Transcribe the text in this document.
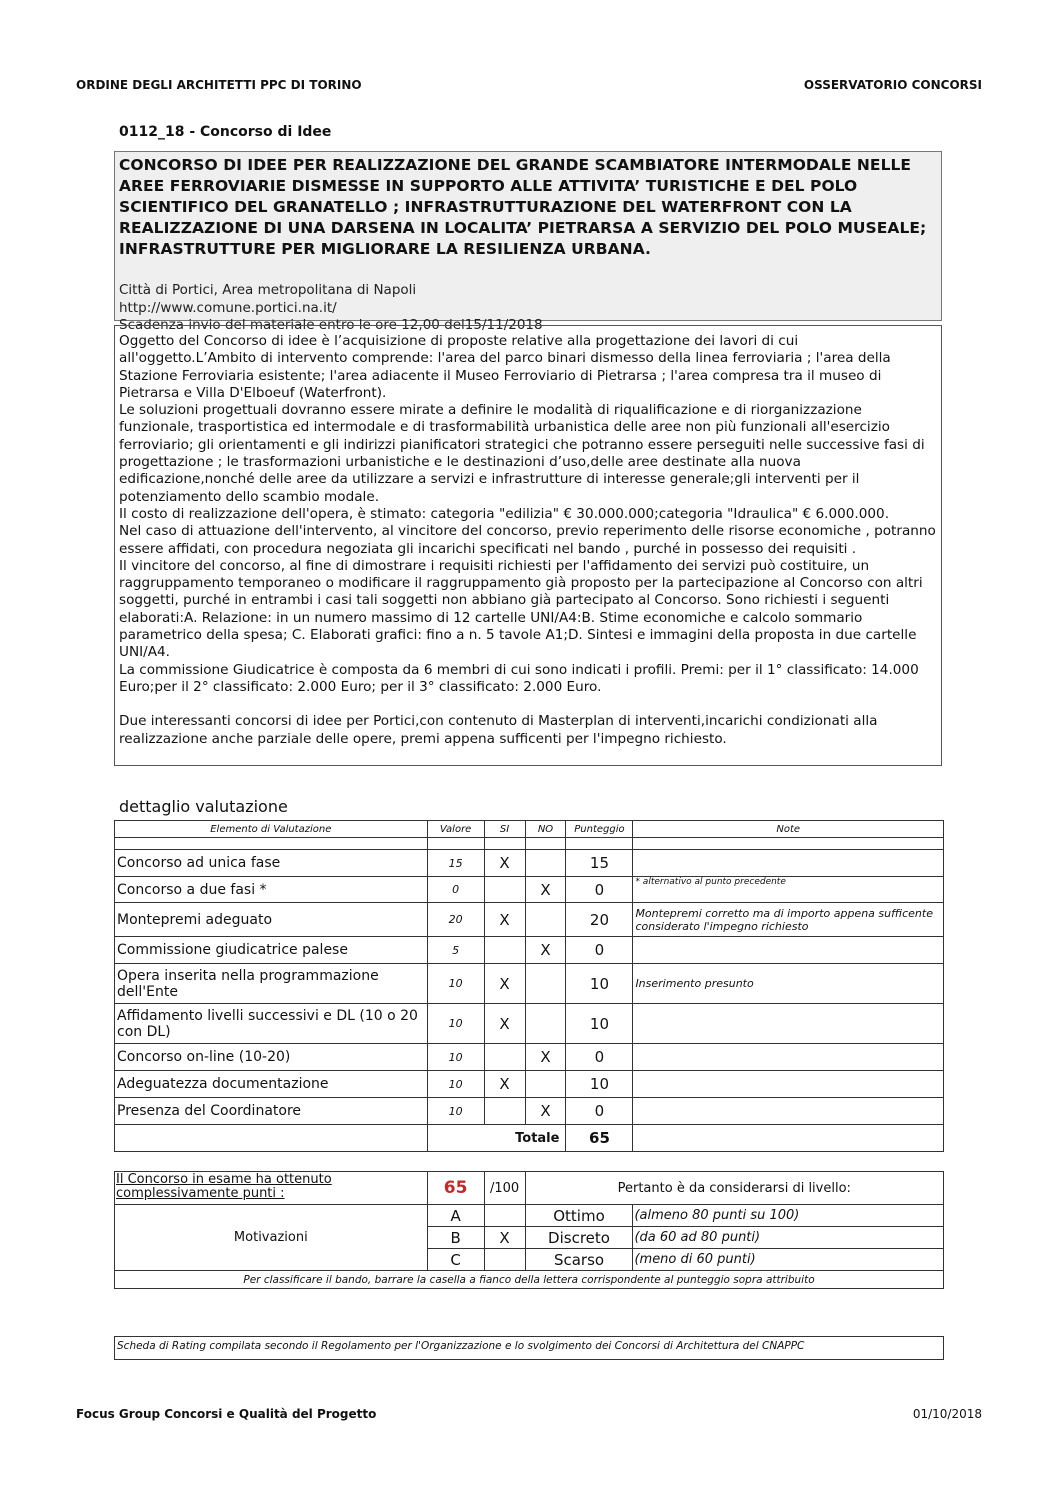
ORDINE DEGLI ARCHITETTI PPC DI TORINO	OSSERVATORIO CONCORSI
0112_18 - Concorso di Idee
CONCORSO DI IDEE PER REALIZZAZIONE DEL GRANDE SCAMBIATORE INTERMODALE NELLE AREE FERROVIARIE DISMESSE IN SUPPORTO ALLE ATTIVITA’ TURISTICHE E DEL POLO SCIENTIFICO DEL GRANATELLO ; INFRASTRUTTURAZIONE DEL WATERFRONT CON LA REALIZZAZIONE DI UNA DARSENA IN LOCALITA’ PIETRARSA A SERVIZIO DEL POLO MUSEALE; INFRASTRUTTURE PER MIGLIORARE LA RESILIENZA URBANA.
Città di Portici, Area metropolitana di Napoli
http://www.comune.portici.na.it/
Scadenza invio del materiale entro le ore 12,00 del15/11/2018

Oggetto del Concorso di idee è l’acquisizione di proposte relative alla progettazione dei lavori di cui all'oggetto.L’Ambito di intervento comprende: l'area del parco binari dismesso della linea ferroviaria ; l'area della Stazione Ferroviaria esistente; l'area adiacente il Museo Ferroviario di Pietrarsa ; l'area compresa tra il museo di Pietrarsa e Villa D'Elboeuf (Waterfront).

Le soluzioni progettuali dovranno essere mirate a definire le modalità di riqualificazione e di riorganizzazione funzionale, trasportistica ed intermodale e di trasformabilità urbanistica delle aree non più funzionali all'esercizio ferroviario; gli orientamenti e gli indirizzi pianificatori strategici che potranno essere perseguiti nelle successive fasi di progettazione ; le trasformazioni urbanistiche e le destinazioni d’uso,delle aree destinate alla nuova edificazione,nonché delle aree da utilizzare a servizi e infrastrutture di interesse generale;gli interventi per il potenziamento dello scambio modale.

Il costo di realizzazione dell'opera, è stimato: categoria "edilizia" € 30.000.000;categoria "Idraulica" € 6.000.000.

Nel caso di attuazione dell'intervento, al vincitore del concorso, previo reperimento delle risorse economiche , potranno essere affidati, con procedura negoziata gli incarichi specificati nel bando , purché in possesso dei requisiti .

Il vincitore del concorso, al fine di dimostrare i requisiti richiesti per l'affidamento dei servizi può costituire, un raggruppamento temporaneo o modificare il raggruppamento già proposto per la partecipazione al Concorso con altri soggetti, purché in entrambi i casi tali soggetti non abbiano già partecipato al Concorso. Sono richiesti i seguenti elaborati:A. Relazione: in un numero massimo di 12 cartelle UNI/A4:B. Stime economiche e calcolo sommario parametrico della spesa; C. Elaborati grafici: fino a n. 5 tavole A1;D. Sintesi e immagini della proposta in due cartelle UNI/A4.

La commissione Giudicatrice è composta da 6 membri di cui sono indicati i profili. Premi: per il 1° classificato: 14.000 Euro;per il 2° classificato: 2.000 Euro; per il 3° classificato: 2.000 Euro.

Due interessanti concorsi di idee per Portici,con contenuto di Masterplan di interventi,incarichi condizionati alla realizzazione anche parziale delle opere, premi appena sufficenti per l'impegno richiesto.

dettaglio valutazione
Elemento di Valutazione	Valore	SI	NO	Punteggio	Note

Concorso ad unica fase	15	X		15	
Concorso a due fasi *	0		X	0	* alternativo al punto precedente
Montepremi adeguato	20	X		20	Montepremi corretto ma di importo appena sufficente considerato l'impegno richiesto
Commissione giudicatrice palese	5		X	0	
Opera inserita nella programmazione dell'Ente	10	X		10	Inserimento presunto
Affidamento livelli successivi e DL (10 o 20 con DL)	10	X		10	
Concorso on-line (10-20)	10		X	0	
Adeguatezza documentazione	10	X		10	
Presenza del Coordinatore	10		X	0	
	Totale			65	
Il Concorso in esame ha ottenuto complessivamente punti :	65	/100	Pertanto è da considerarsi di livello:	
Motivazioni	A		Ottimo	(almeno 80 punti su 100)
	B	X	Discreto	(da 60 ad 80 punti)
	C		Scarso	(meno di 60 punti)
Per classificare il bando, barrare la casella a fianco della lettera corrispondente al punteggio sopra attribuito				
Scheda di Rating compilata secondo il Regolamento per l'Organizzazione e lo svolgimento dei Concorsi di Architettura del CNAPPC
Focus Group Concorsi e Qualità del Progetto	01/10/2018
